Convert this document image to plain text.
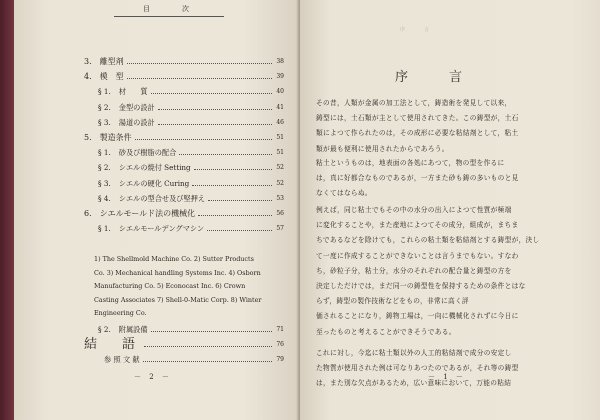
目　　次
3. 離型剤	38
4. 模　型	39
§ 1. 材　　質	40
§ 2. 金型の設計	41
§ 3. 湯道の設計	46
5. 製造条件	51
§ 1. 砂及び樹脂の配合	51
§ 2. シエルの焼付 Setting	52
§ 3. シエルの硬化 Curing	52
§ 4. シエルの型合せ及び堅押え	53
6. シエルモールド法の機械化	56
§ 1. シエルモールデングマシン	57
1) The Shellmold Machine Co. 2) Sutter Products
Co. 3) Mechanical handling Systems Inc. 4) Osborn
Manufacturing Co. 5) Econocast Inc. 6) Crown
Casting Associates 7) Shell-0-Matic Corp. 8) Winter
Engineering Co.
§ 2. 附属設備	71
結　語	76
参 照 文 献	79
－ 2 －
序　　言
序　言
その昔，人類が金属の加工法として，鋳造術を発見して以来，
鋳型には，土石類が主として使用されてきた。この鋳型が，土石
類によつて作られたのは，その成形に必要な粘結剤として，粘土
類が最も便利に使用されたからであろう。
粘土というものは，地表面の各処にあつて，物の型を作るに
は，真に好都合なものであるが，一方また砂も鋳の多いものと見
なくてはならぬ。
例えば，同じ粘土でもその中の水分の出入によつて性質が極端
に変化することや，また産地によつてその成分，組成が，まちま
ちであるなどを除けても，これらの粘土類を粘結剤とする鋳型が，決し
て一度に作成することができないことは言うまでもない。すなわ
ち，砂粒子分，粘土分，水分のそれぞれの配合量と鋳型の方を
決定しただけでは，まだ同一の鋳型性を保持するための条件とはな
らず，鋳型の製作技術などをもの，非常に高く評
価されることになり，鋳物工場は，一向に機械化されずに今日に
至ったものと考えることができそうである。
これに対し，今迄に粘土類以外の人工的粘結剤で成分の安定し
た物質が使用された例は可なりあつたのであるが，それ等の鋳型
は，また別な欠点があるため，広い意味において，万能の粘結
－ 1 －
